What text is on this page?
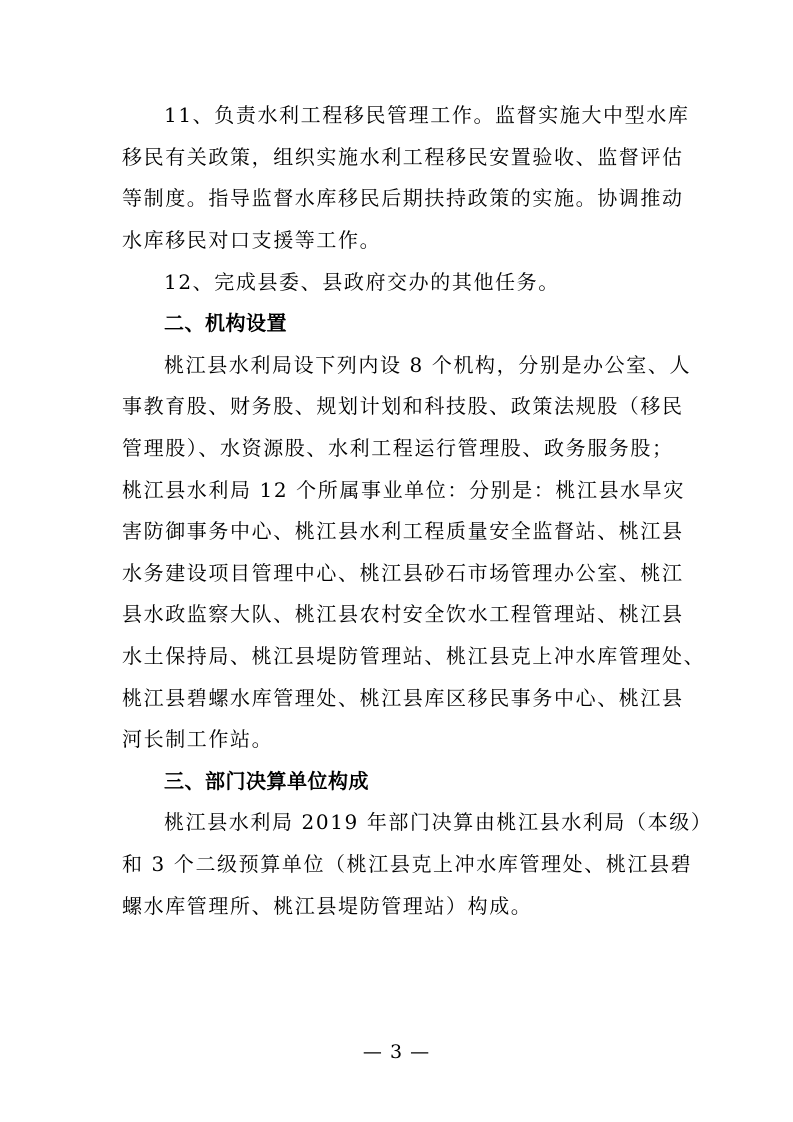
11、负责水利工程移民管理工作。监督实施大中型水库
移民有关政策，组织实施水利工程移民安置验收、监督评估
等制度。指导监督水库移民后期扶持政策的实施。协调推动
水库移民对口支援等工作。
12、完成县委、县政府交办的其他任务。
二、机构设置
桃江县水利局设下列内设 8 个机构，分别是办公室、人
事教育股、财务股、规划计划和科技股、政策法规股（移民
管理股）、水资源股、水利工程运行管理股、政务服务股；
桃江县水利局 12 个所属事业单位：分别是：桃江县水旱灾
害防御事务中心、桃江县水利工程质量安全监督站、桃江县
水务建设项目管理中心、桃江县砂石市场管理办公室、桃江
县水政监察大队、桃江县农村安全饮水工程管理站、桃江县
水土保持局、桃江县堤防管理站、桃江县克上冲水库管理处、
桃江县碧螺水库管理处、桃江县库区移民事务中心、桃江县
河长制工作站。
三、部门决算单位构成
桃江县水利局 2019 年部门决算由桃江县水利局（本级）
和 3 个二级预算单位（桃江县克上冲水库管理处、桃江县碧
螺水库管理所、桃江县堤防管理站）构成。
— 3 —
